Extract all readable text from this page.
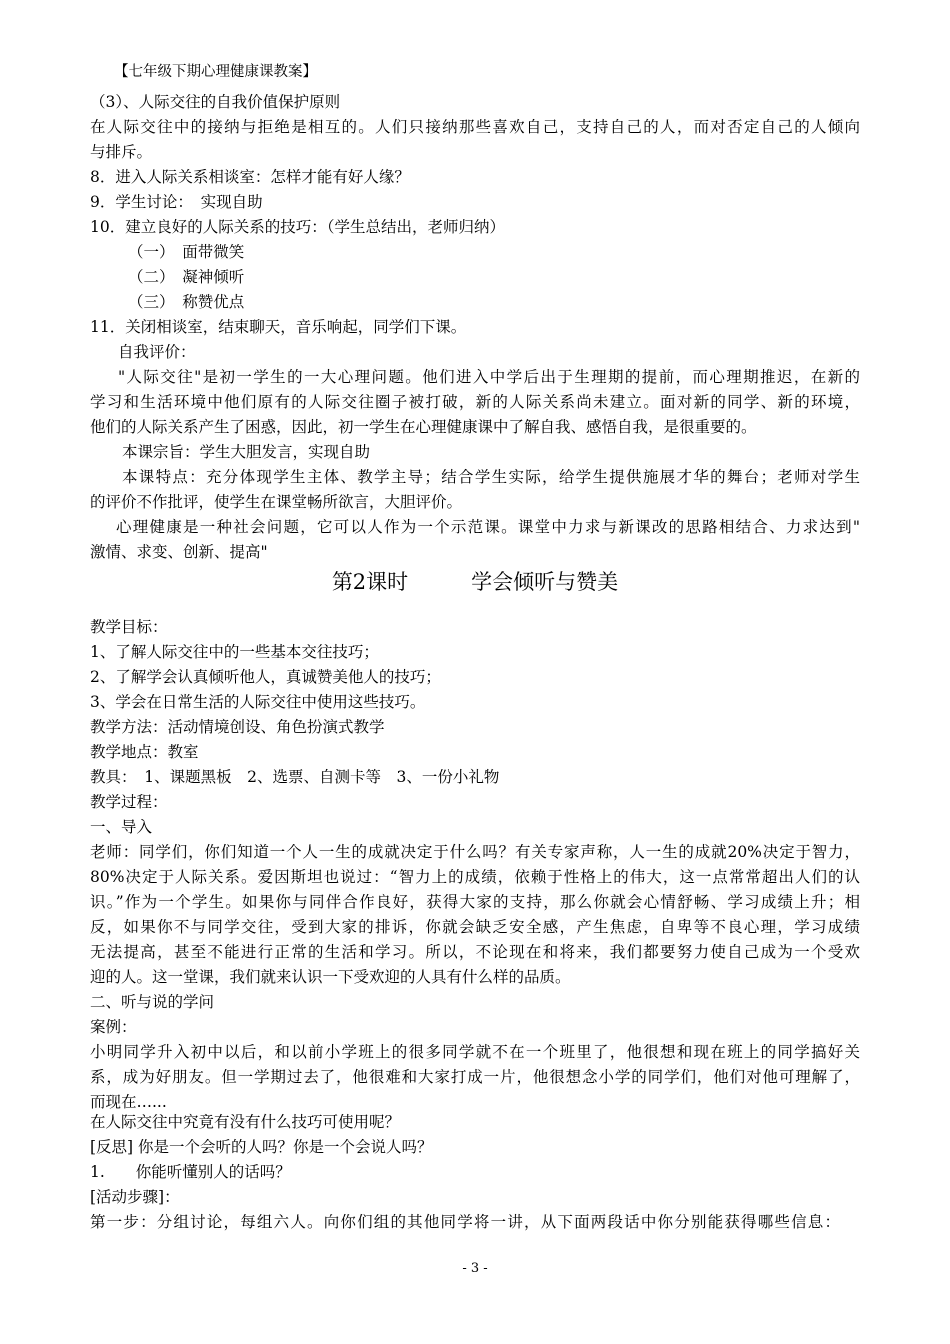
【七年级下期心理健康课教案】
（3）、人际交往的自我价值保护原则
在人际交往中的接纳与拒绝是相互的。人们只接纳那些喜欢自己，支持自己的人，而对否定自己的人倾向
与排斥。
8．进入人际关系相谈室：怎样才能有好人缘？
9．学生讨论：　实现自助
10．建立良好的人际关系的技巧：（学生总结出，老师归纳）
（一）　面带微笑
（二）　凝神倾听
（三）　称赞优点
11．关闭相谈室，结束聊天，音乐响起，同学们下课。
自我评价：
"人际交往"是初一学生的一大心理问题。他们进入中学后出于生理期的提前，而心理期推迟，在新的
学习和生活环境中他们原有的人际交往圈子被打破，新的人际关系尚未建立。面对新的同学、新的环境，
他们的人际关系产生了困惑，因此，初一学生在心理健康课中了解自我、感悟自我，是很重要的。
本课宗旨：学生大胆发言，实现自助
本课特点：充分体现学生主体、教学主导；结合学生实际，给学生提供施展才华的舞台；老师对学生
的评价不作批评，使学生在课堂畅所欲言，大胆评价。
心理健康是一种社会问题，它可以人作为一个示范课。课堂中力求与新课改的思路相结合、力求达到"
激情、求变、创新、提高"
第2课时　　　学会倾听与赞美
教学目标：
1、了解人际交往中的一些基本交往技巧；
2、了解学会认真倾听他人，真诚赞美他人的技巧；
3、学会在日常生活的人际交往中使用这些技巧。
教学方法：活动情境创设、角色扮演式教学
教学地点：教室
教具：　1、课题黑板　2、选票、自测卡等　3、一份小礼物
教学过程：
一、导入
老师：同学们，你们知道一个人一生的成就决定于什么吗？有关专家声称，人一生的成就20%决定于智力，
80%决定于人际关系。爱因斯坦也说过：“智力上的成绩，依赖于性格上的伟大，这一点常常超出人们的认
识。”作为一个学生。如果你与同伴合作良好，获得大家的支持，那么你就会心情舒畅、学习成绩上升；相
反，如果你不与同学交往，受到大家的排诉，你就会缺乏安全感，产生焦虑，自卑等不良心理，学习成绩
无法提高，甚至不能进行正常的生活和学习。所以，不论现在和将来，我们都要努力使自己成为一个受欢
迎的人。这一堂课，我们就来认识一下受欢迎的人具有什么样的品质。
二、听与说的学问
案例：
小明同学升入初中以后，和以前小学班上的很多同学就不在一个班里了，他很想和现在班上的同学搞好关
系，成为好朋友。但一学期过去了，他很难和大家打成一片，他很想念小学的同学们，他们对他可理解了，
而现在…...
在人际交往中究竟有没有什么技巧可使用呢？
[反思] 你是一个会听的人吗？你是一个会说人吗？
1.　　你能听懂别人的话吗？
[活动步骤]：
第一步：分组讨论，每组六人。向你们组的其他同学将一讲，从下面两段话中你分别能获得哪些信息：
- 3 -
